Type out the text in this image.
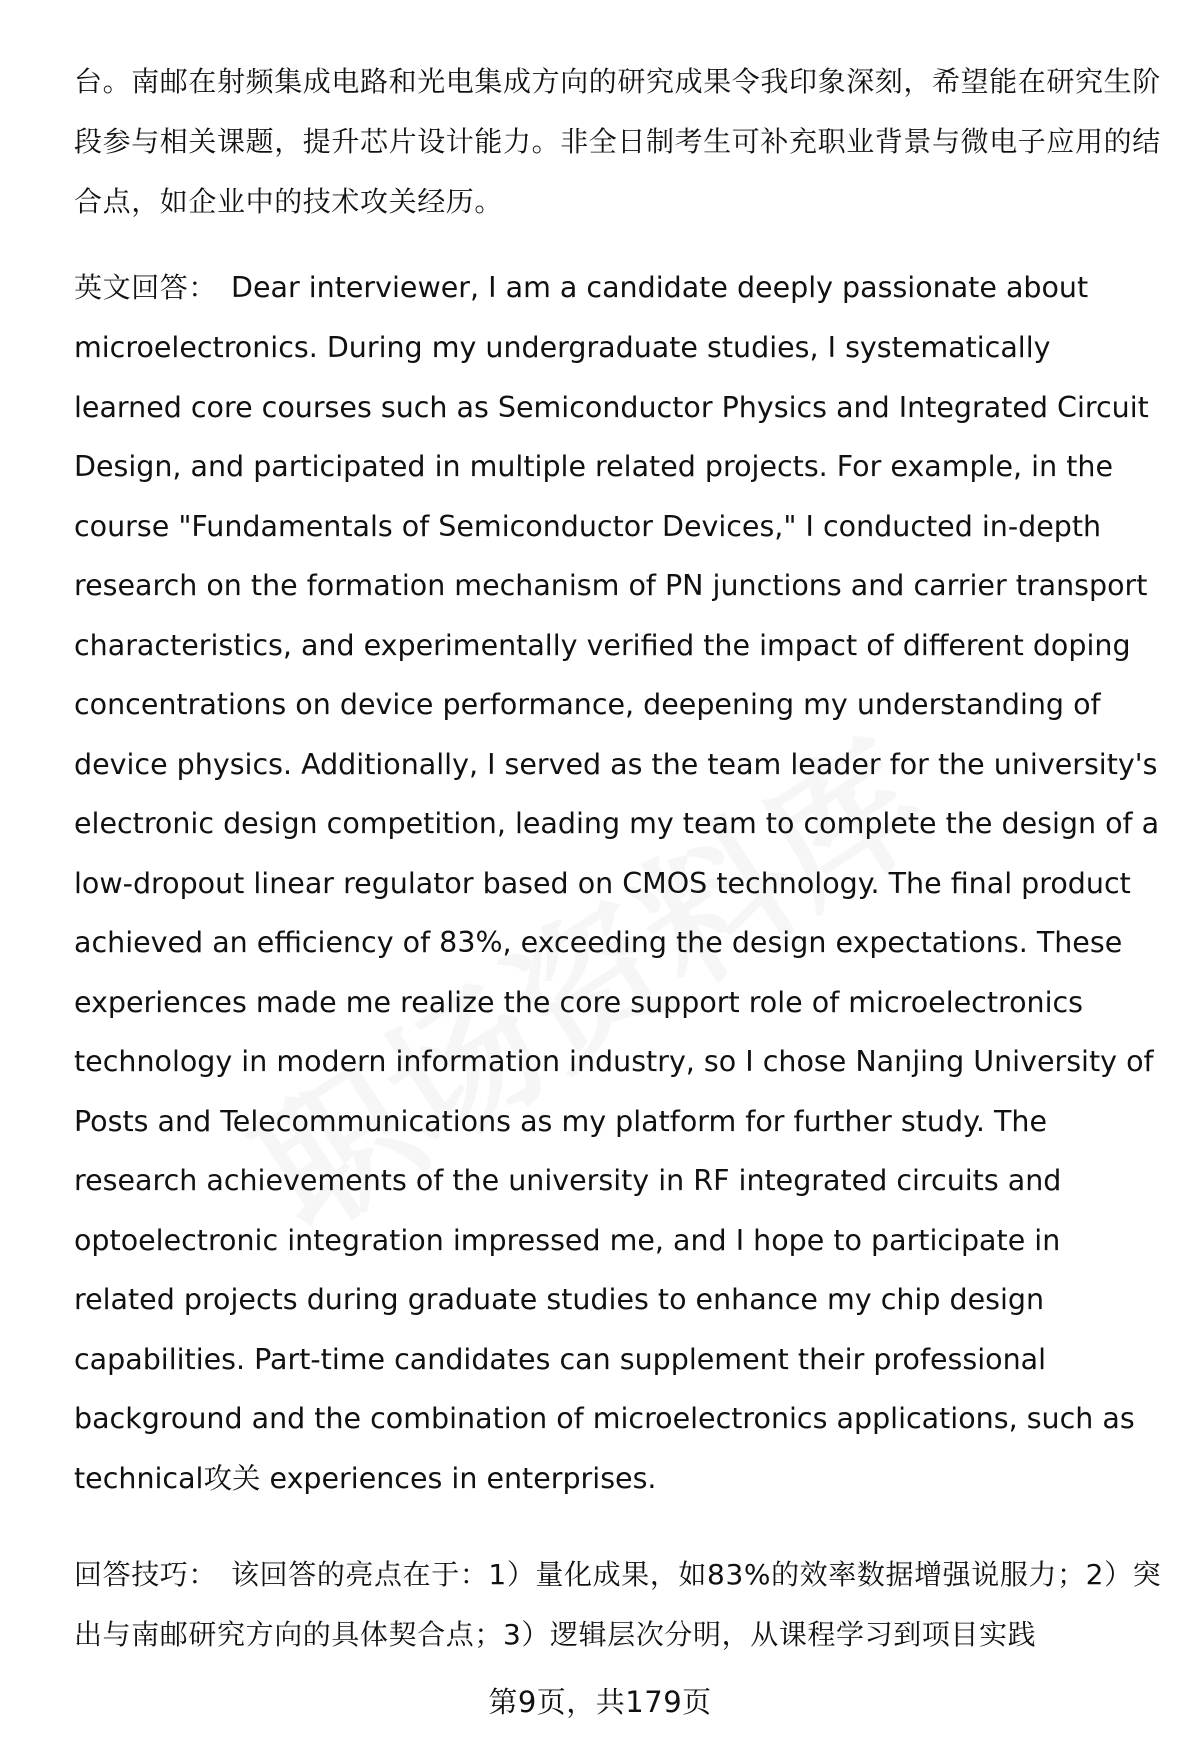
台。南邮在射频集成电路和光电集成方向的研究成果令我印象深刻，希望能在研究生阶段参与相关课题，提升芯片设计能力。非全日制考生可补充职业背景与微电子应用的结合点，如企业中的技术攻关经历。
英文回答： Dear interviewer, I am a candidate deeply passionate about microelectronics. During my undergraduate studies, I systematically learned core courses such as Semiconductor Physics and Integrated Circuit Design, and participated in multiple related projects. For example, in the course "Fundamentals of Semiconductor Devices," I conducted in-depth research on the formation mechanism of PN junctions and carrier transport characteristics, and experimentally verified the impact of different doping concentrations on device performance, deepening my understanding of device physics. Additionally, I served as the team leader for the university's electronic design competition, leading my team to complete the design of a low-dropout linear regulator based on CMOS technology. The final product achieved an efficiency of 83%, exceeding the design expectations. These experiences made me realize the core support role of microelectronics technology in modern information industry, so I chose Nanjing University of Posts and Telecommunications as my platform for further study. The research achievements of the university in RF integrated circuits and optoelectronic integration impressed me, and I hope to participate in related projects during graduate studies to enhance my chip design capabilities. Part-time candidates can supplement their professional background and the combination of microelectronics applications, such as technical攻关 experiences in enterprises.
回答技巧： 该回答的亮点在于：1）量化成果，如83%的效率数据增强说服力；2）突出与南邮研究方向的具体契合点；3）逻辑层次分明，从课程学习到项目实践
第9页，共179页
